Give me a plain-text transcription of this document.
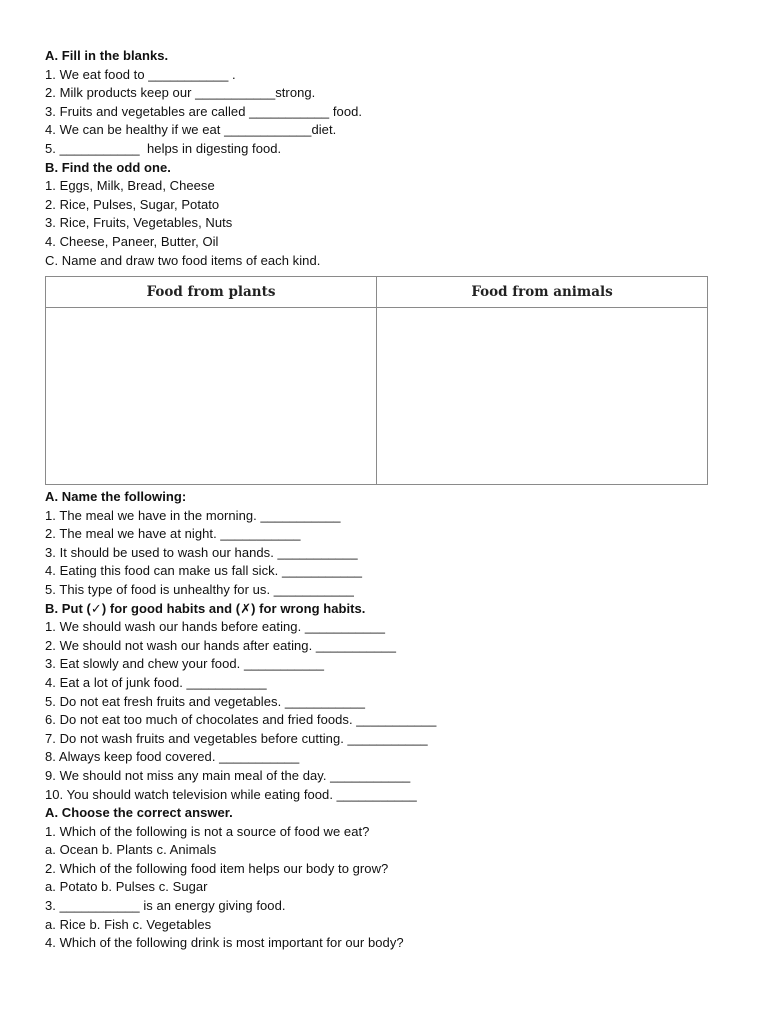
A. Fill in the blanks.
1. We eat food to ___________ .
2. Milk products keep our ___________strong.
3. Fruits and vegetables are called ___________ food.
4. We can be healthy if we eat ____________diet.
5. ___________  helps in digesting food.
B. Find the odd one.
1. Eggs, Milk, Bread, Cheese
2. Rice, Pulses, Sugar, Potato
3. Rice, Fruits, Vegetables, Nuts
4. Cheese, Paneer, Butter, Oil
C. Name and draw two food items of each kind.
Food from plants	Food from animals

A. Name the following:
1. The meal we have in the morning. ___________
2. The meal we have at night. ___________
3. It should be used to wash our hands. ___________
4. Eating this food can make us fall sick. ___________
5. This type of food is unhealthy for us. ___________
B. Put (✓) for good habits and (✗) for wrong habits.
1. We should wash our hands before eating. ___________
2. We should not wash our hands after eating. ___________
3. Eat slowly and chew your food. ___________
4. Eat a lot of junk food. ___________
5. Do not eat fresh fruits and vegetables. ___________
6. Do not eat too much of chocolates and fried foods. ___________
7. Do not wash fruits and vegetables before cutting. ___________
8. Always keep food covered. ___________
9. We should not miss any main meal of the day. ___________
10. You should watch television while eating food. ___________
A. Choose the correct answer.
1. Which of the following is not a source of food we eat?
a. Ocean b. Plants c. Animals
2. Which of the following food item helps our body to grow?
a. Potato b. Pulses c. Sugar
3. ___________ is an energy giving food.
a. Rice b. Fish c. Vegetables
4. Which of the following drink is most important for our body?
